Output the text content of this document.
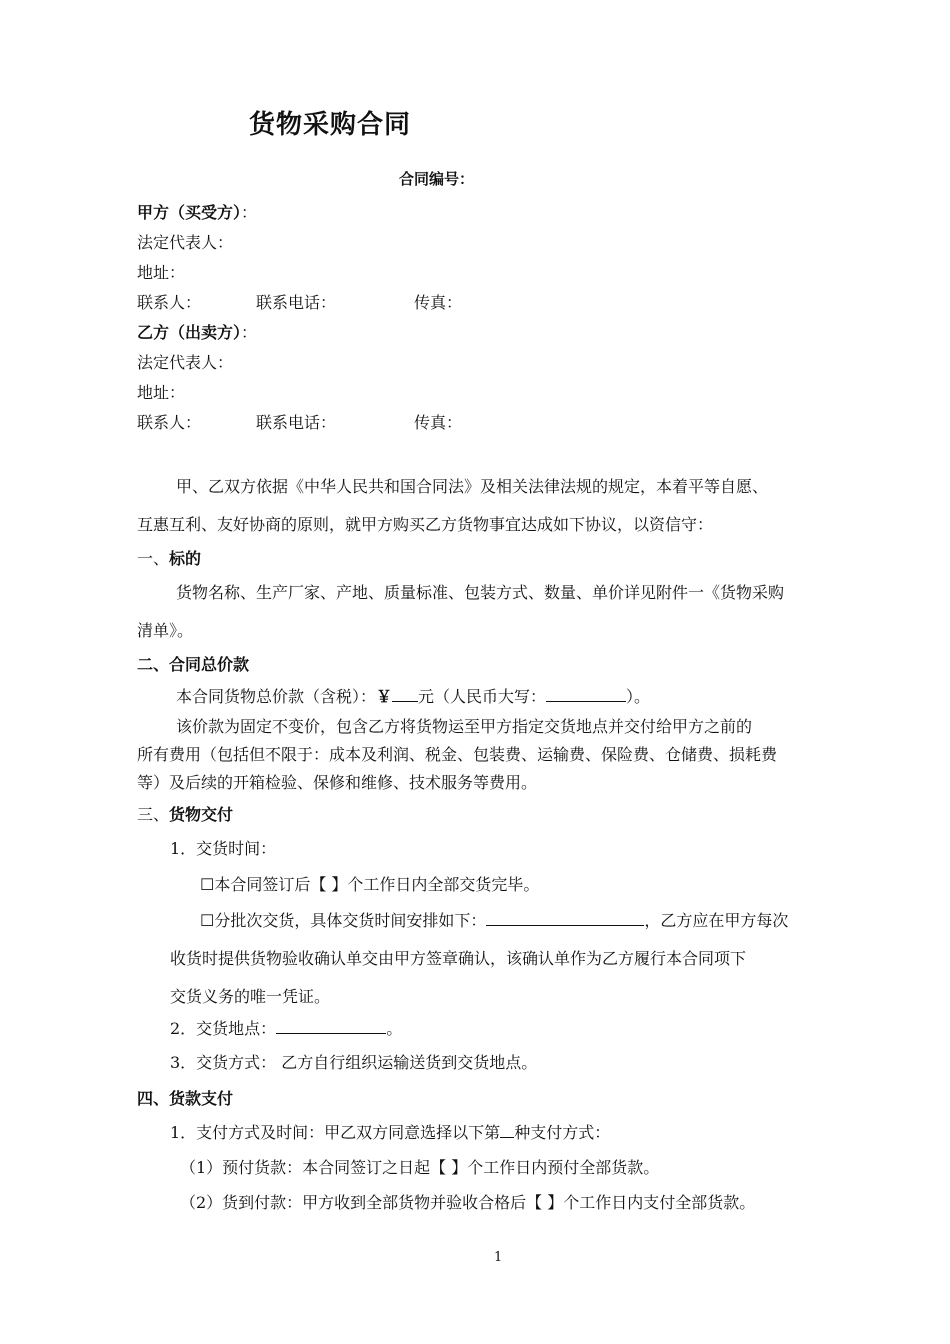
货物采购合同
合同编号：
甲方（买受方）：
法定代表人：
地址：
联系人：	联系电话：	传真：
乙方（出卖方）：
法定代表人：
地址：
联系人：	联系电话：	传真：
甲、乙双方依据《中华人民共和国合同法》及相关法律法规的规定，本着平等自愿、
互惠互利、友好协商的原则，就甲方购买乙方货物事宜达成如下协议，以资信守：
一、标的
货物名称、生产厂家、产地、质量标准、包装方式、数量、单价详见附件一《货物采购
清单》。
二、合同总价款
本合同货物总价款（含税）：￥ 元（人民币大写：	）。
该价款为固定不变价，包含乙方将货物运至甲方指定交货地点并交付给甲方之前的
所有费用（包括但不限于：成本及利润、税金、包装费、运输费、保险费、仓储费、损耗费
等）及后续的开箱检验、保修和维修、技术服务等费用。
三、货物交付
1．交货时间：
☐本合同签订后【 】个工作日内全部交货完毕。
☐分批次交货，具体交货时间安排如下：	，乙方应在甲方每次
收货时提供货物验收确认单交由甲方签章确认，该确认单作为乙方履行本合同项下
交货义务的唯一凭证。
2．交货地点：	。
3．交货方式： 乙方自行组织运输送货到交货地点。
四、货款支付
1．支付方式及时间：甲乙双方同意选择以下第 种支付方式：
（1）预付货款：本合同签订之日起【 】个工作日内预付全部货款。
（2）货到付款：甲方收到全部货物并验收合格后【 】个工作日内支付全部货款。
1
